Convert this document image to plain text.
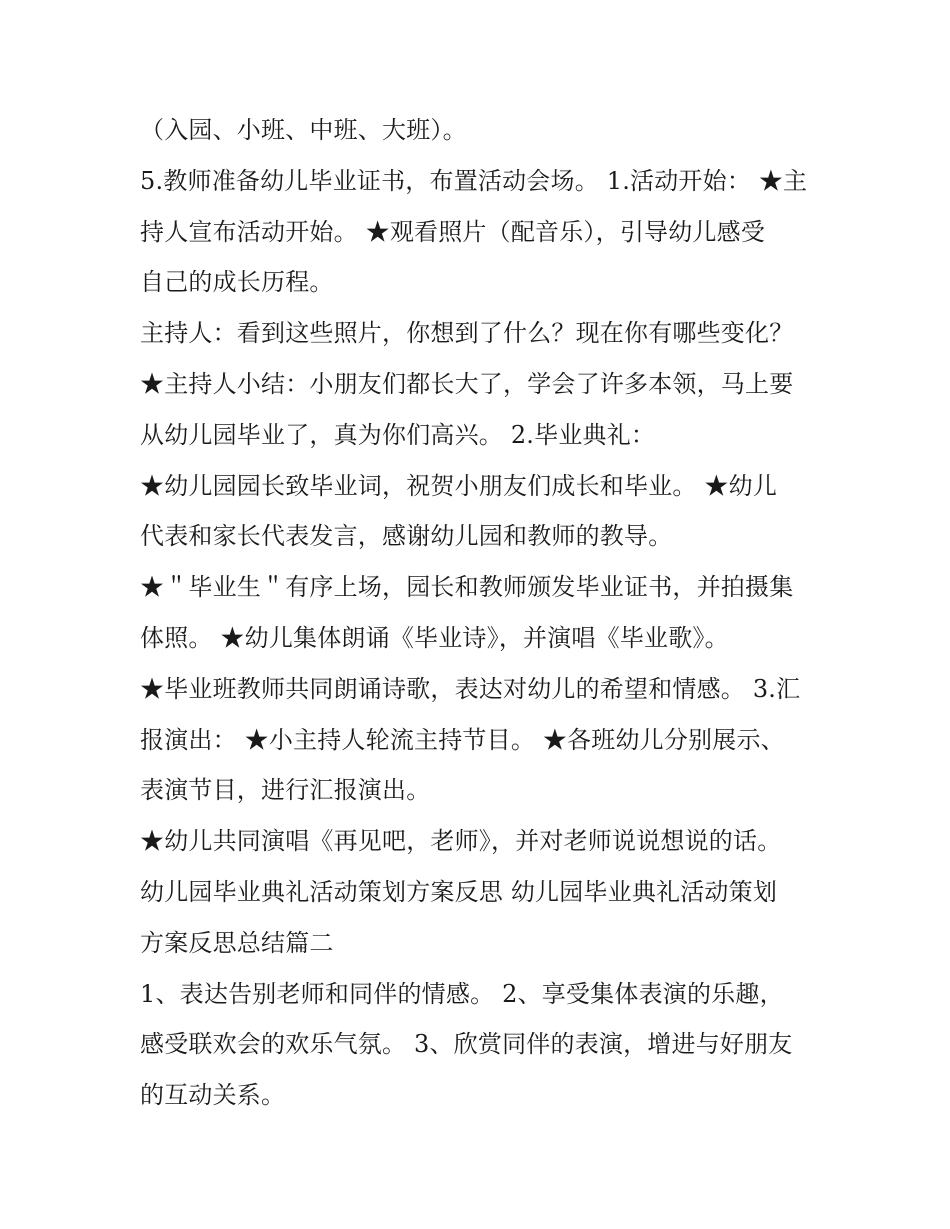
（入园、小班、中班、大班）。
5.教师准备幼儿毕业证书，布置活动会场。 1.活动开始： ★主
持人宣布活动开始。 ★观看照片（配音乐），引导幼儿感受
自己的成长历程。
主持人：看到这些照片，你想到了什么？现在你有哪些变化？
★主持人小结：小朋友们都长大了，学会了许多本领，马上要
从幼儿园毕业了，真为你们高兴。 2.毕业典礼：
★幼儿园园长致毕业词，祝贺小朋友们成长和毕业。 ★幼儿
代表和家长代表发言，感谢幼儿园和教师的教导。
★＂毕业生＂有序上场，园长和教师颁发毕业证书，并拍摄集
体照。 ★幼儿集体朗诵《毕业诗》，并演唱《毕业歌》。
★毕业班教师共同朗诵诗歌，表达对幼儿的希望和情感。 3.汇
报演出： ★小主持人轮流主持节目。 ★各班幼儿分别展示、
表演节目，进行汇报演出。
★幼儿共同演唱《再见吧，老师》，并对老师说说想说的话。
幼儿园毕业典礼活动策划方案反思 幼儿园毕业典礼活动策划
方案反思总结篇二
1、表达告别老师和同伴的情感。 2、享受集体表演的乐趣，
感受联欢会的欢乐气氛。 3、欣赏同伴的表演，增进与好朋友
的互动关系。
